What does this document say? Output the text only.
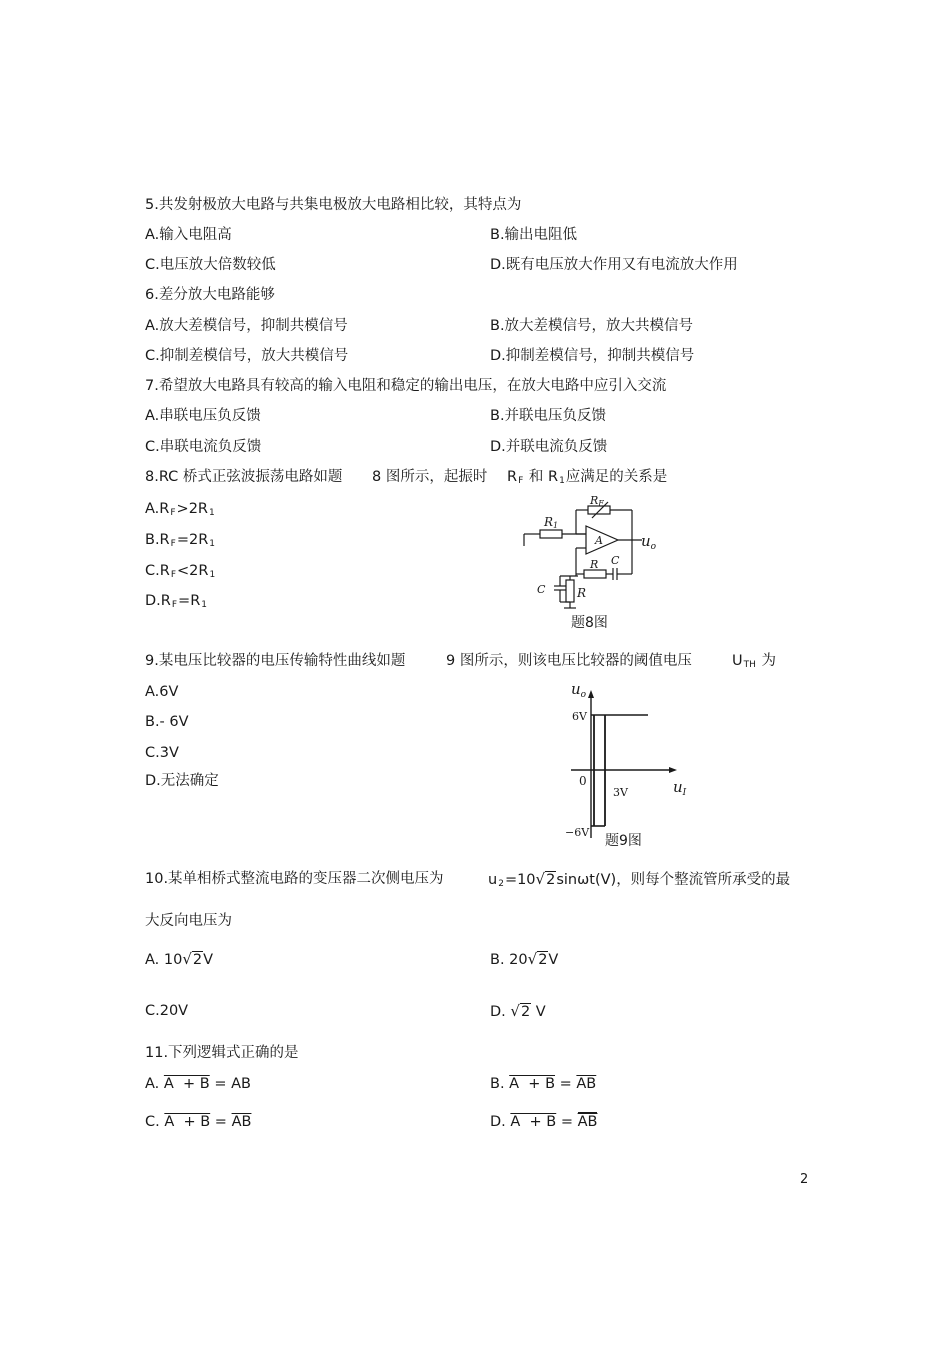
5.共发射极放大电路与共集电极放大电路相比较，其特点为
A.输入电阻高	B.输出电阻低
C.电压放大倍数较低	D.既有电压放大作用又有电流放大作用
6.差分放大电路能够
A.放大差模信号，抑制共模信号	B.放大差模信号，放大共模信号
C.抑制差模信号，放大共模信号	D.抑制差模信号，抑制共模信号
7.希望放大电路具有较高的输入电阻和稳定的输出电压，在放大电路中应引入交流
A.串联电压负反馈	B.并联电压负反馈
C.串联电流负反馈	D.并联电流负反馈
8.RC 桥式正弦波振荡电路如题 8 图所示，起振时 $R_F$ 和 $R_1$应满足的关系是
$A.R_F>2R_1$
$B.R_F=2R_1$
$C.R_F<2R_1$
$D.R_F=R_1$
R1
RF
A	$u_o$
R C
C	R
题8图
9.某电压比较器的电压传输特性曲线如题	9 图所示，则该电压比较器的阈值电压	$U_{TH}$ 为
A.6V
B.- 6V
C.3V
D.无法确定
$u_o$
$u_I$
6V
−6V
0
3V
题9图
10.某单相桥式整流电路的变压器二次侧电压为	$u_2=10√2\sin\omega t(V)$，则每个整流管所承受的最
大反向电压为
A. 10√2V	B. 20√2V
C.20V	D. √2 V
11.下列逻辑式正确的是
A. A  + B = AB	B. $A + B = \overline{AB}$
C. $A + B = \overline{A}\overline{B}$	D. $A + B = \overline{AB}$
2
